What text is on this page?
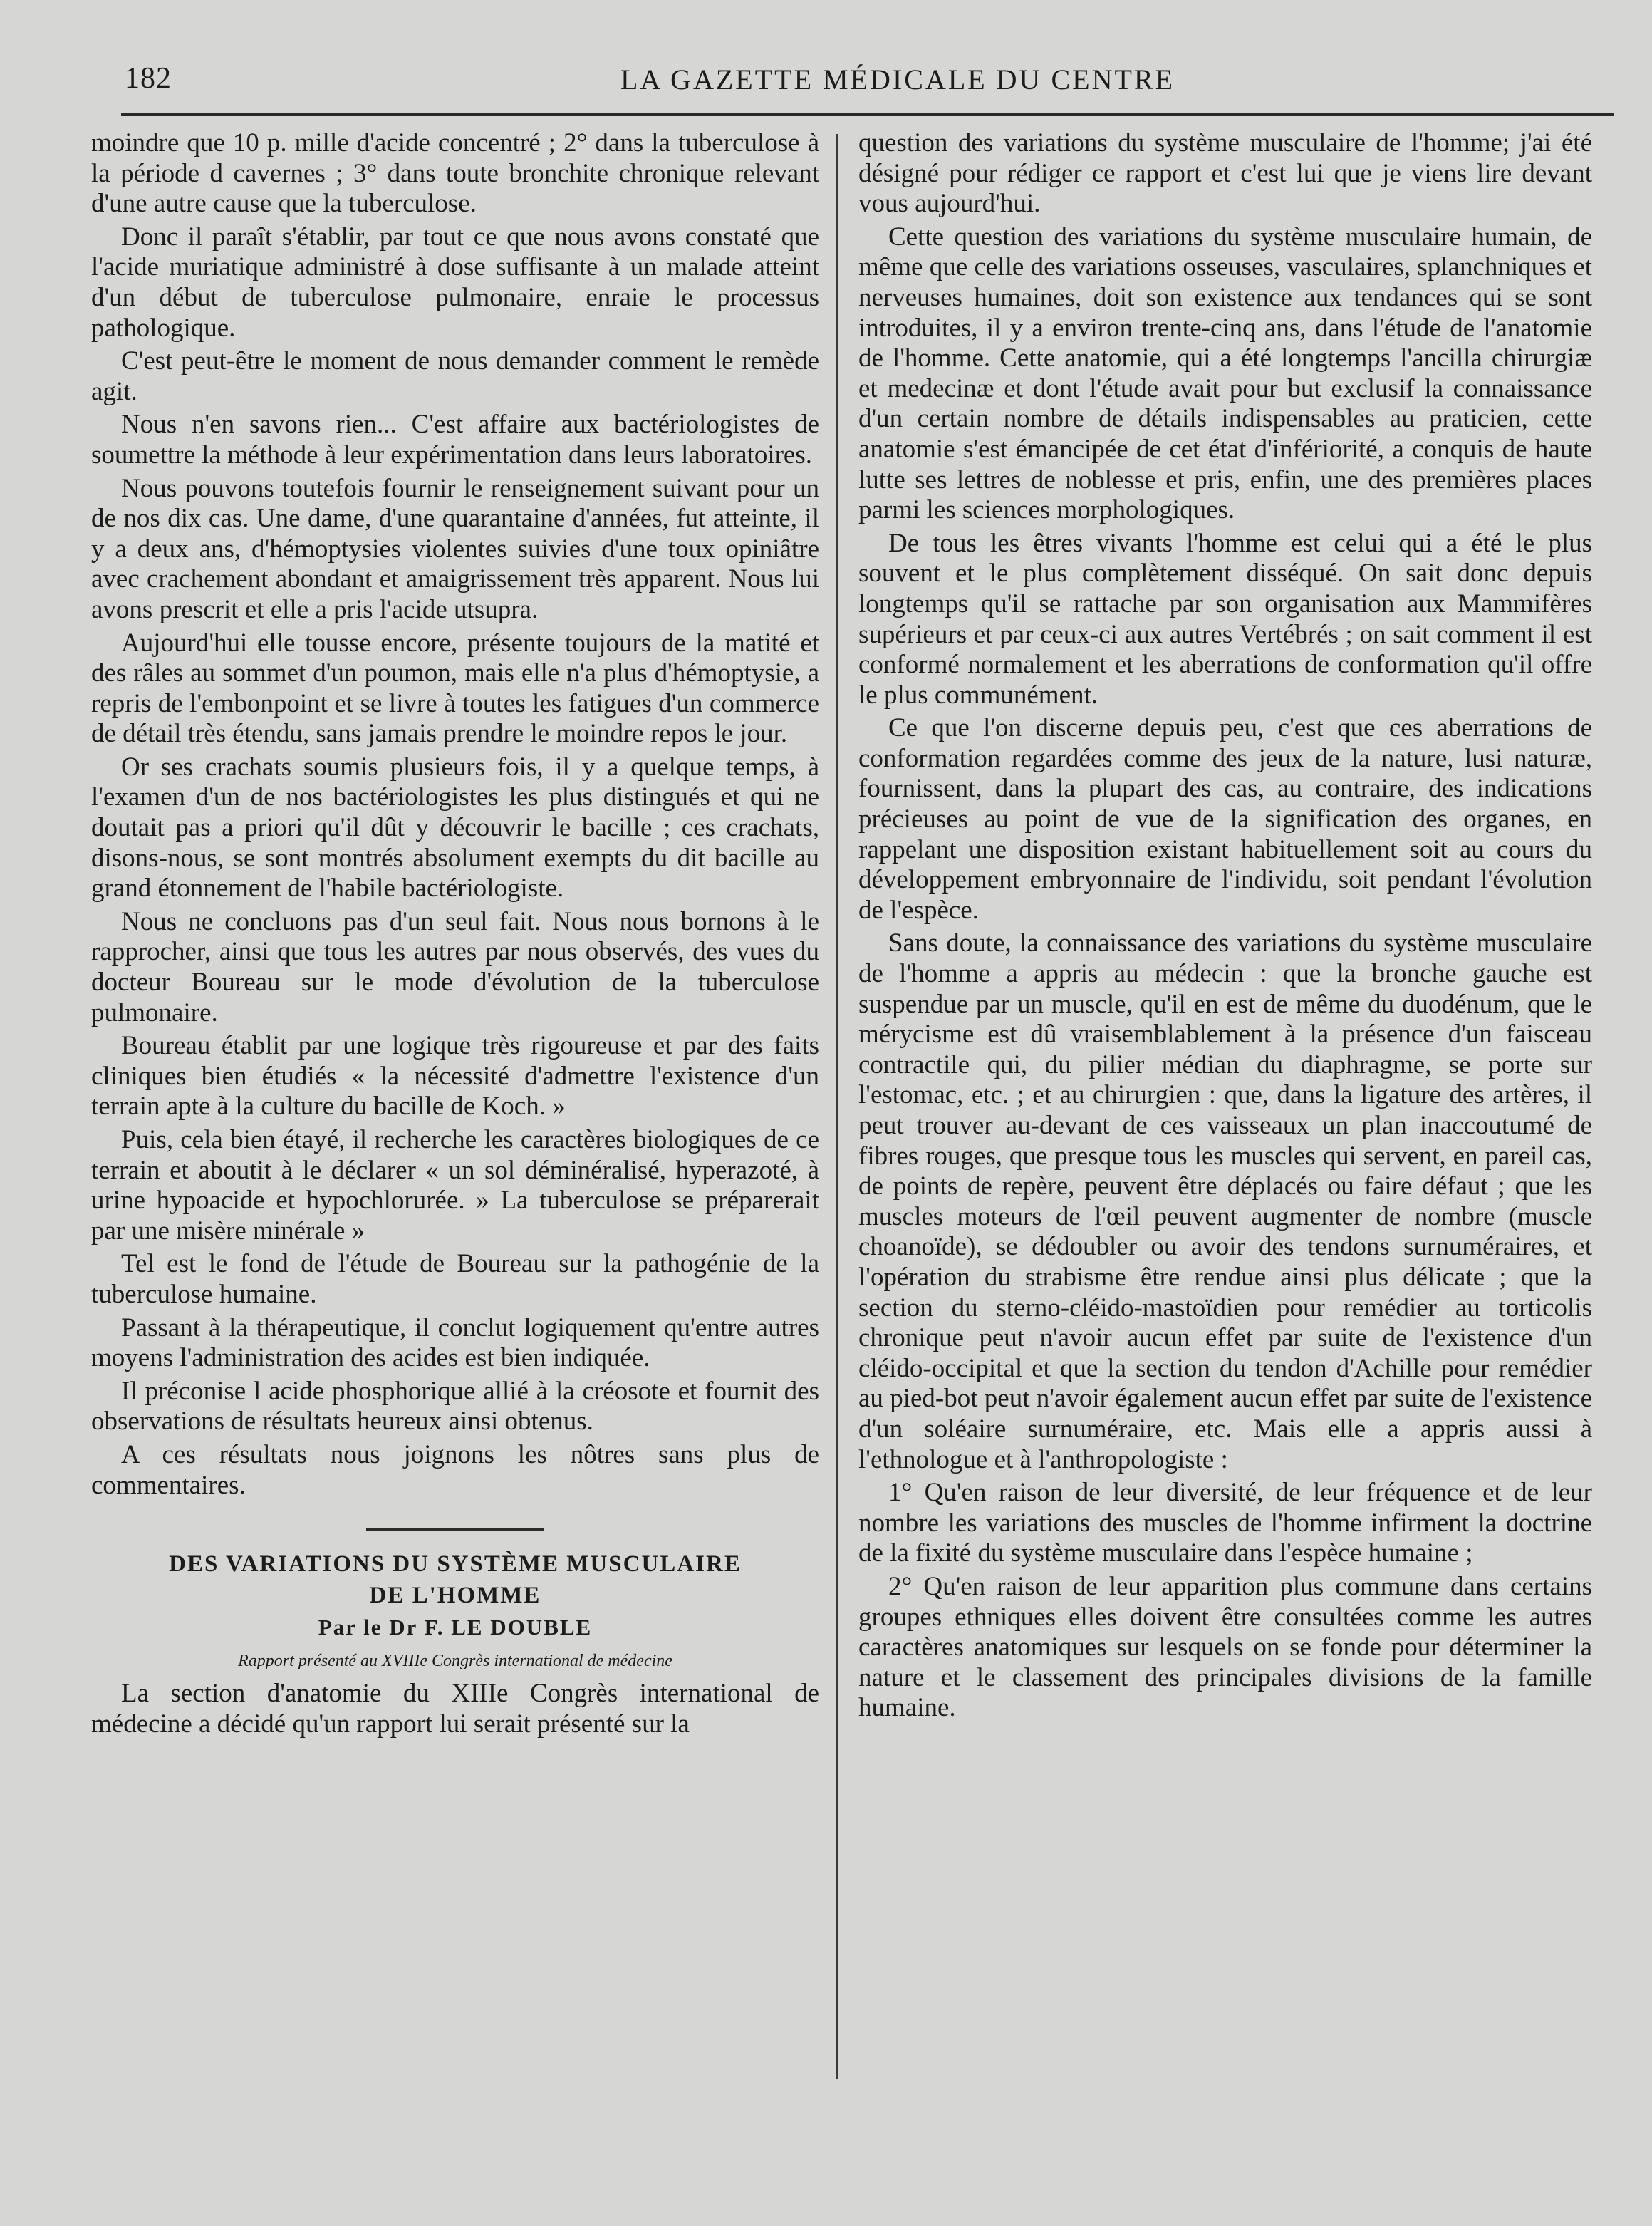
182	LA GAZETTE MÉDICALE DU CENTRE

moindre que 10 p. mille d'acide concentré ; 2° dans la tuberculose à la période d cavernes ; 3° dans toute bronchite chronique relevant d'une autre cause que la tuberculose.

Donc il paraît s'établir, par tout ce que nous avons constaté que l'acide muriatique administré à dose suffisante à un malade atteint d'un début de tuberculose pulmonaire, enraie le processus pathologique.

C'est peut-être le moment de nous demander comment le remède agit.

Nous n'en savons rien... C'est affaire aux bactériologistes de soumettre la méthode à leur expérimentation dans leurs laboratoires.

Nous pouvons toutefois fournir le renseignement suivant pour un de nos dix cas. Une dame, d'une quarantaine d'années, fut atteinte, il y a deux ans, d'hémoptysies violentes suivies d'une toux opiniâtre avec crachement abondant et amaigrissement très apparent. Nous lui avons prescrit et elle a pris l'acide utsupra.

Aujourd'hui elle tousse encore, présente toujours de la matité et des râles au sommet d'un poumon, mais elle n'a plus d'hémoptysie, a repris de l'embonpoint et se livre à toutes les fatigues d'un commerce de détail très étendu, sans jamais prendre le moindre repos le jour.

Or ses crachats soumis plusieurs fois, il y a quelque temps, à l'examen d'un de nos bactériologistes les plus distingués et qui ne doutait pas a priori qu'il dût y découvrir le bacille ; ces crachats, disons-nous, se sont montrés absolument exempts du dit bacille au grand étonnement de l'habile bactériologiste.

Nous ne concluons pas d'un seul fait. Nous nous bornons à le rapprocher, ainsi que tous les autres par nous observés, des vues du docteur Boureau sur le mode d'évolution de la tuberculose pulmonaire.

Boureau établit par une logique très rigoureuse et par des faits cliniques bien étudiés « la nécessité d'admettre l'existence d'un terrain apte à la culture du bacille de Koch. »

Puis, cela bien étayé, il recherche les caractères biologiques de ce terrain et aboutit à le déclarer « un sol déminéralisé, hyperazoté, à urine hypoacide et hypochlorurée. » La tuberculose se préparerait par une misère minérale »

Tel est le fond de l'étude de Boureau sur la pathogénie de la tuberculose humaine.

Passant à la thérapeutique, il conclut logiquement qu'entre autres moyens l'administration des acides est bien indiquée.

Il préconise l acide phosphorique allié à la créosote et fournit des observations de résultats heureux ainsi obtenus.

A ces résultats nous joignons les nôtres sans plus de commentaires.

DES VARIATIONS DU SYSTÈME MUSCULAIRE

DE L'HOMME

Par le Dr F. LE DOUBLE

Rapport présenté au XVIIIe Congrès international de médecine

La section d'anatomie du XIIIe Congrès international de médecine a décidé qu'un rapport lui serait présenté sur la

question des variations du système musculaire de l'homme; j'ai été désigné pour rédiger ce rapport et c'est lui que je viens lire devant vous aujourd'hui.

Cette question des variations du système musculaire humain, de même que celle des variations osseuses, vasculaires, splanchniques et nerveuses humaines, doit son existence aux tendances qui se sont introduites, il y a environ trente-cinq ans, dans l'étude de l'anatomie de l'homme. Cette anatomie, qui a été longtemps l'ancilla chirurgiæ et medecinæ et dont l'étude avait pour but exclusif la connaissance d'un certain nombre de détails indispensables au praticien, cette anatomie s'est émancipée de cet état d'infériorité, a conquis de haute lutte ses lettres de noblesse et pris, enfin, une des premières places parmi les sciences morphologiques.

De tous les êtres vivants l'homme est celui qui a été le plus souvent et le plus complètement disséqué. On sait donc depuis longtemps qu'il se rattache par son organisation aux Mammifères supérieurs et par ceux-ci aux autres Vertébrés ; on sait comment il est conformé normalement et les aberrations de conformation qu'il offre le plus communément.

Ce que l'on discerne depuis peu, c'est que ces aberrations de conformation regardées comme des jeux de la nature, lusi naturæ, fournissent, dans la plupart des cas, au contraire, des indications précieuses au point de vue de la signification des organes, en rappelant une disposition existant habituellement soit au cours du développement embryonnaire de l'individu, soit pendant l'évolution de l'espèce.

Sans doute, la connaissance des variations du système musculaire de l'homme a appris au médecin : que la bronche gauche est suspendue par un muscle, qu'il en est de même du duodénum, que le mérycisme est dû vraisemblablement à la présence d'un faisceau contractile qui, du pilier médian du diaphragme, se porte sur l'estomac, etc. ; et au chirurgien : que, dans la ligature des artères, il peut trouver au-devant de ces vaisseaux un plan inaccoutumé de fibres rouges, que presque tous les muscles qui servent, en pareil cas, de points de repère, peuvent être déplacés ou faire défaut ; que les muscles moteurs de l'œil peuvent augmenter de nombre (muscle choanoïde), se dédoubler ou avoir des tendons surnuméraires, et l'opération du strabisme être rendue ainsi plus délicate ; que la section du sterno-cléido-mastoïdien pour remédier au torticolis chronique peut n'avoir aucun effet par suite de l'existence d'un cléido-occipital et que la section du tendon d'Achille pour remédier au pied-bot peut n'avoir également aucun effet par suite de l'existence d'un soléaire surnuméraire, etc. Mais elle a appris aussi à l'ethnologue et à l'anthropologiste :

1° Qu'en raison de leur diversité, de leur fréquence et de leur nombre les variations des muscles de l'homme infirment la doctrine de la fixité du système musculaire dans l'espèce humaine ;

2° Qu'en raison de leur apparition plus commune dans certains groupes ethniques elles doivent être consultées comme les autres caractères anatomiques sur lesquels on se fonde pour déterminer la nature et le classement des principales divisions de la famille humaine.
